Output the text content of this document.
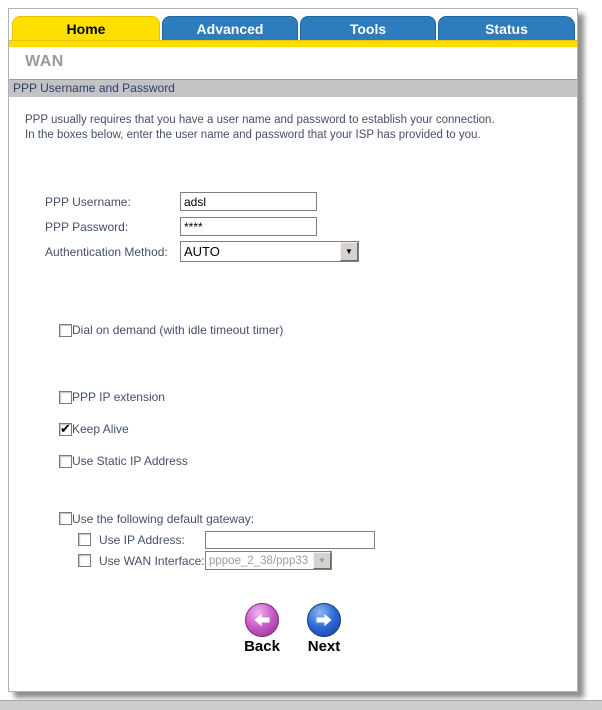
Home	Advanced	Tools	Status
WAN
PPP Username and Password
PPP usually requires that you have a user name and password to establish your connection.
In the boxes below, enter the user name and password that your ISP has provided to you.
PPP Username:
adsl
PPP Password:
****
Authentication Method:	AUTO	▼
Dial on demand (with idle timeout timer)
PPP IP extension
Keep Alive
Use Static IP Address
Use the following default gateway:
Use IP Address:
Use WAN Interface: pppoe_2_38/ppp33	▼
Back Next
